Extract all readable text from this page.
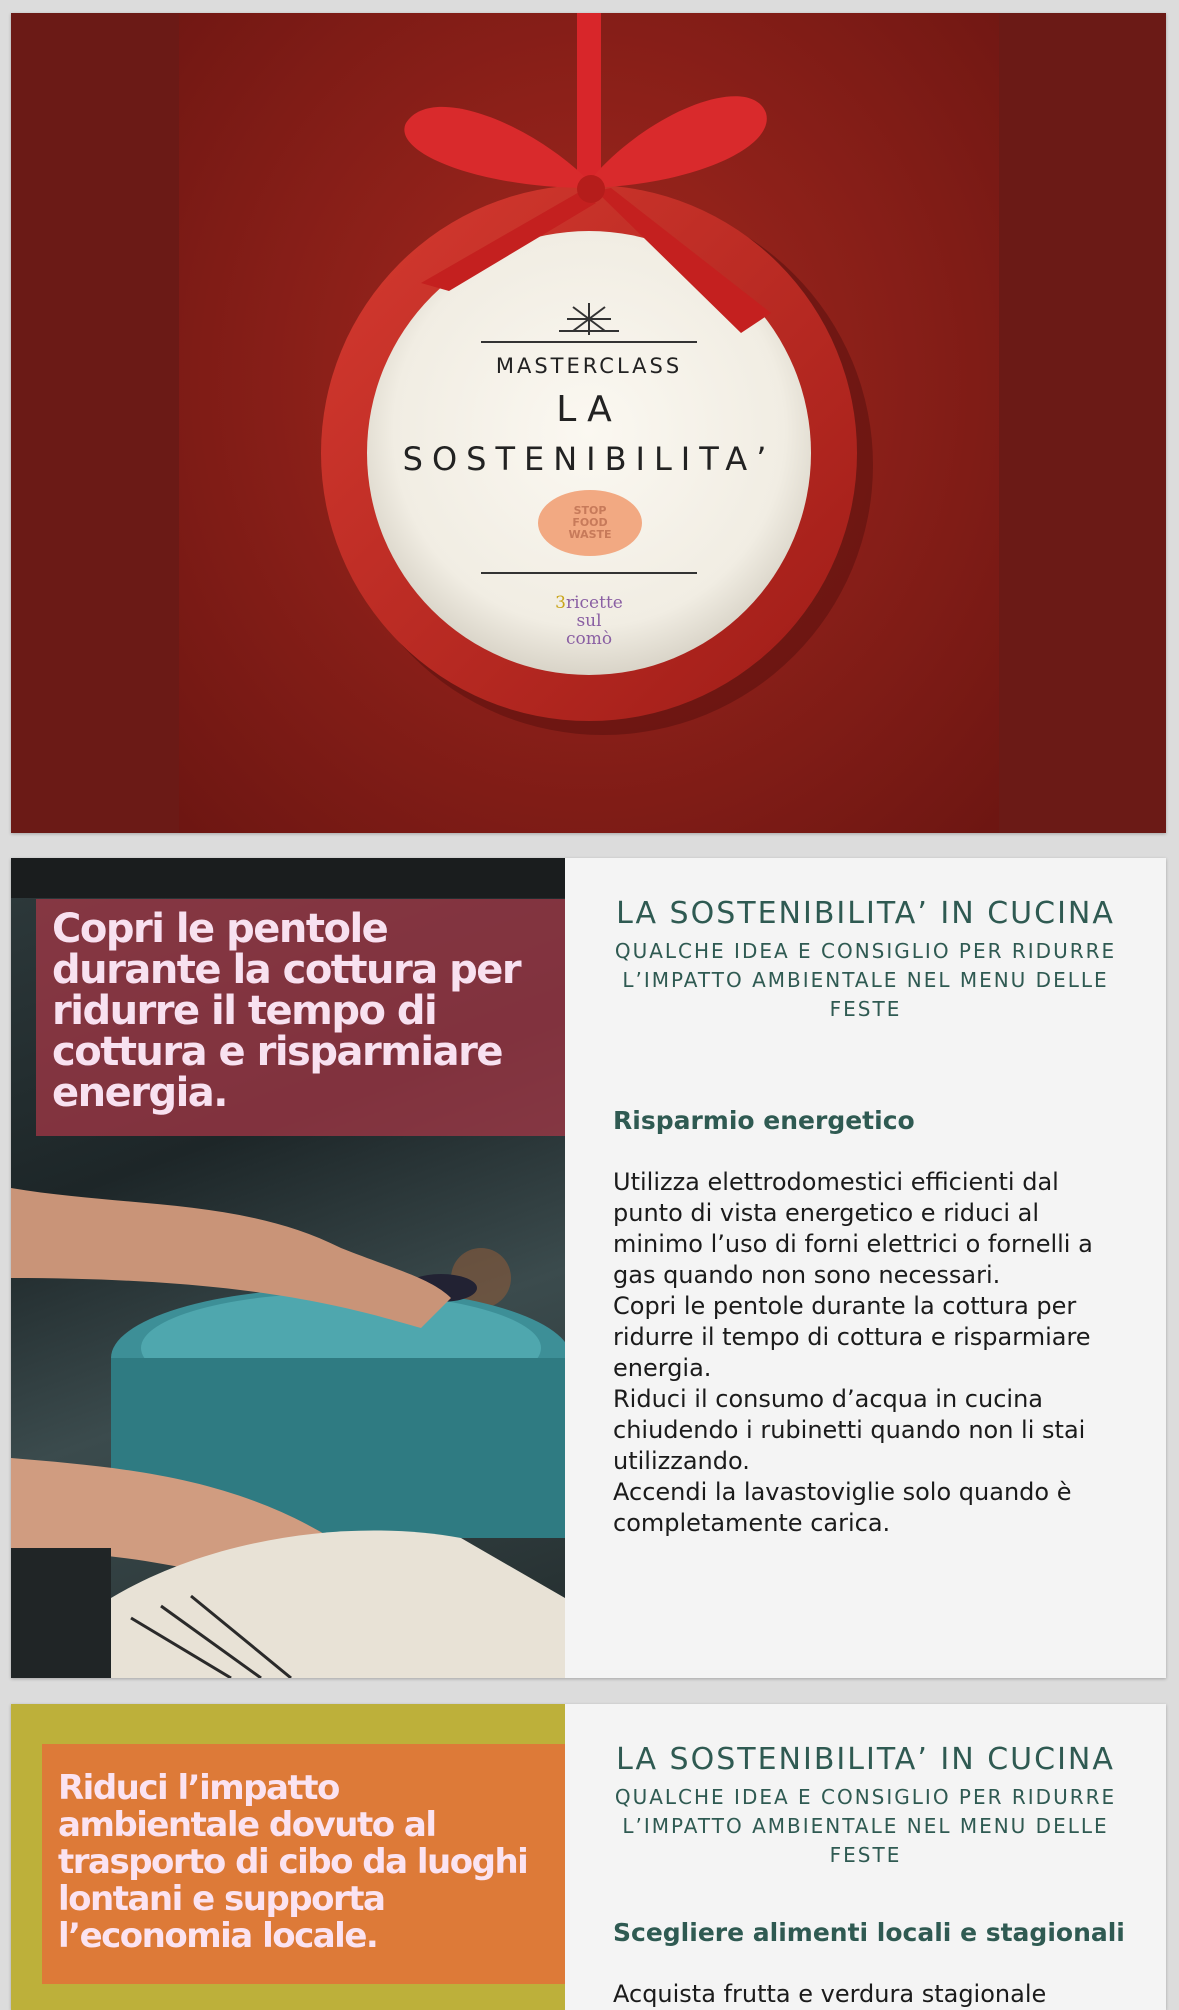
MASTERCLASS
LA
SOSTENIBILITA’
STOP
FOOD
WASTE
3ricette
sul
comò
Copri le pentole durante la cottura per ridurre il tempo di cottura e risparmiare energia.
LA SOSTENIBILITA’ IN CUCINA
QUALCHE IDEA E CONSIGLIO PER RIDURRE L’IMPATTO AMBIENTALE NEL MENU DELLE FESTE
Risparmio energetico

Utilizza elettrodomestici efficienti dal punto di vista energetico e riduci al minimo l’uso di forni elettrici o fornelli a gas quando non sono necessari.

Copri le pentole durante la cottura per ridurre il tempo di cottura e risparmiare energia.

Riduci il consumo d’acqua in cucina chiudendo i rubinetti quando non li stai utilizzando.

Accendi la lavastoviglie solo quando è completamente carica.

Riduci l’impatto ambientale dovuto al trasporto di cibo da luoghi lontani e supporta l’economia locale.
LA SOSTENIBILITA’ IN CUCINA
QUALCHE IDEA E CONSIGLIO PER RIDURRE L’IMPATTO AMBIENTALE NEL MENU DELLE FESTE
Scegliere alimenti locali e stagionali

Acquista frutta e verdura stagionale
